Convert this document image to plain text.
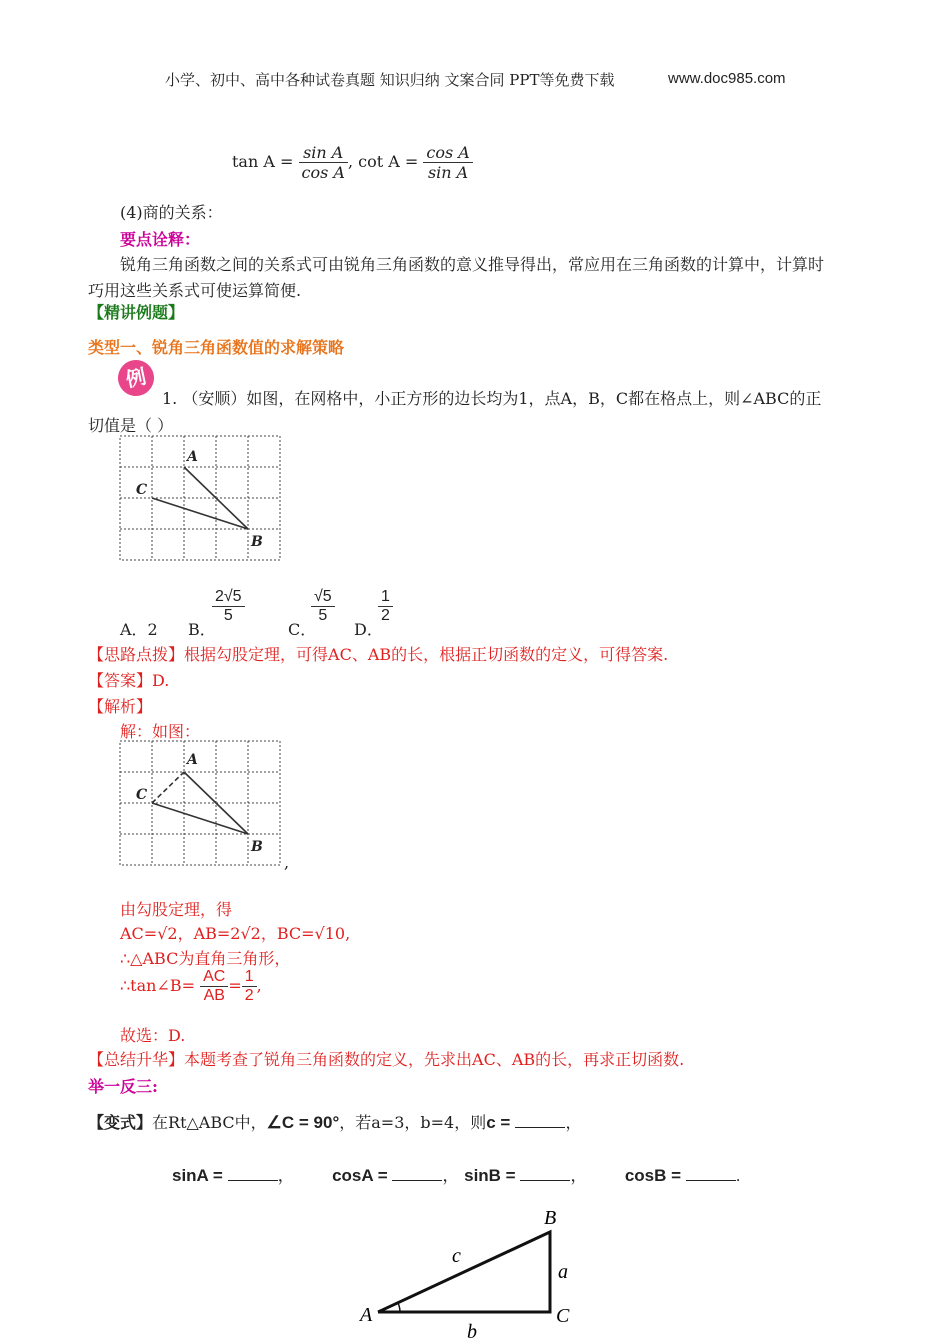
小学、初中、高中各种试卷真题 知识归纳 文案合同 PPT等免费下载	www.doc985.com
$\tan A = \frac{\text{sin A}}{\text{cos A}}$ , $\cot A = \frac{\text{cos A}}{\text{sin A}}$
(4)商的关系：
要点诠释：
锐角三角函数之间的关系式可由锐角三角函数的意义推导得出，常应用在三角函数的计算中，计算时
巧用这些关系式可使运算简便.
【精讲例题】
类型一、锐角三角函数值的求解策略
例
1. （安顺）如图，在网格中，小正方形的边长均为1，点A，B，C都在格点上，则∠ABC的正
切值是（ ）
A
C
B
A．2 B．
$\frac{2√5}{5}$
C．
$\frac{√5}{5}$
D．
$\frac{1}{2}$
【思路点拨】根据勾股定理，可得AC、AB的长，根据正切函数的定义，可得答案.
【答案】D.
【解析】
解：如图：
A
C
B
,
由勾股定理，得
AC=√2，AB=2√2，BC=√10,
∴△ABC为直角三角形，
∴tan∠B= $\frac{AC}{AB} = \frac{1}{2}$ ,
故选：D.
【总结升华】本题考查了锐角三角函数的定义，先求出AC、AB的长，再求正切函数.
举一反三:
【变式】在Rt△ABC中，∠C = 90°，若a=3，b=4，则c =	，
sinA =	， cosA =	， sinB =	， cosB =	.
A
B
C
a
b
c
